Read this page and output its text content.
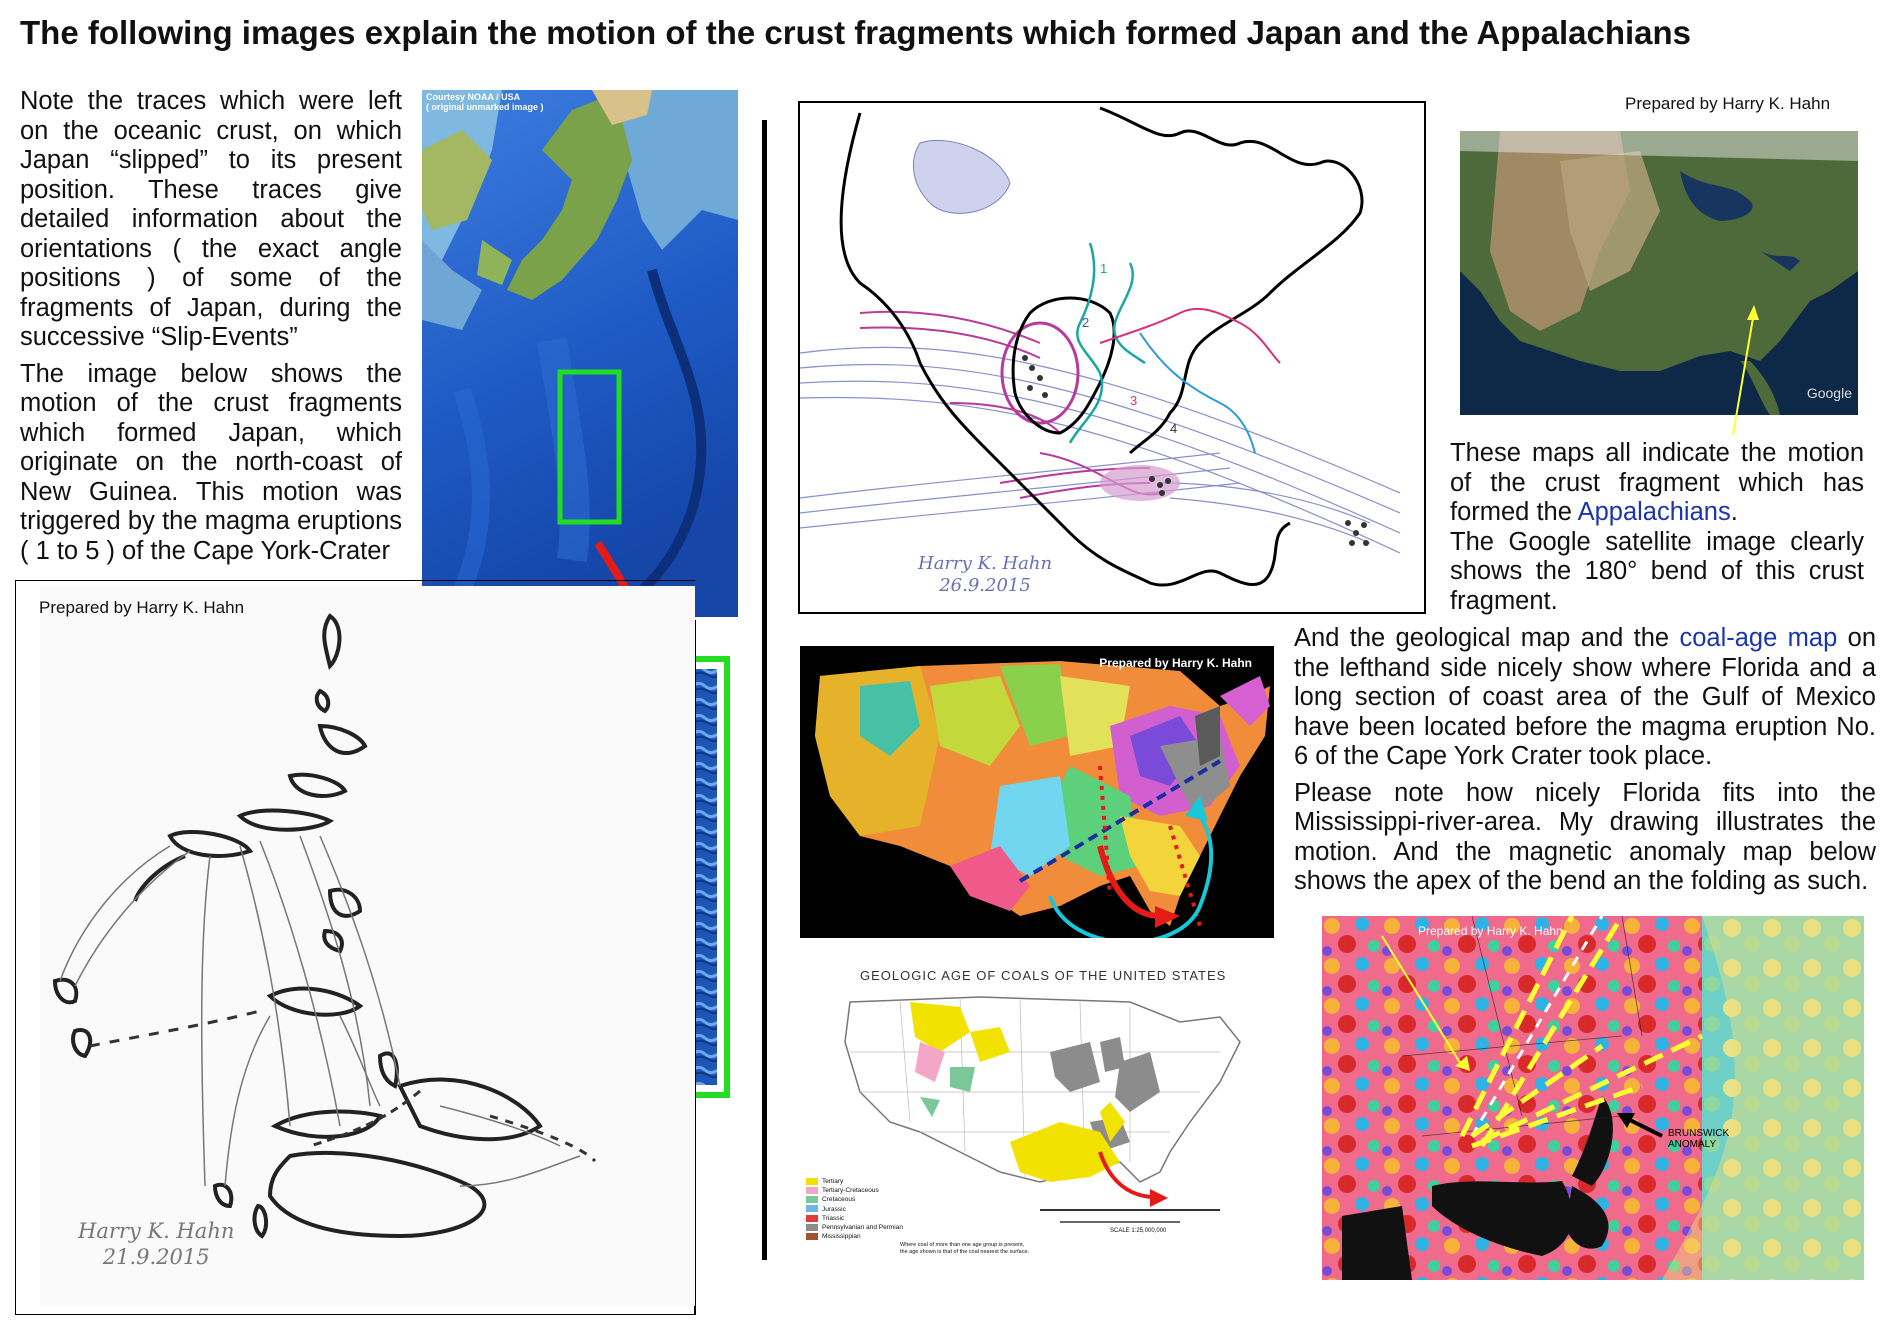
The following images explain the motion of the crust fragments which formed Japan and the Appalachians

Note the traces which were left on the oceanic crust, on which Japan “slipped” to its present position. These traces give detailed information about the orientations ( the exact angle positions ) of some of the fragments of Japan, during the successive “Slip-Events”

The image below shows the motion of the crust fragments which formed Japan, which originate on the north-coast of New Guinea. This motion was triggered by the magma eruptions ( 1 to 5 ) of the Cape York-Crater

Courtesy NOAA / USA
( original unmarked image )
Prepared by Harry K. Hahn
Harry K. Hahn
21.9.2015
1
2
3
4
Harry K. Hahn
26.9.2015
Prepared by Harry K. Hahn
Google

These maps all indicate the motion of the crust fragment which has formed the Appalachians.

The Google satellite image clearly shows the 180° bend of this crust fragment.

And the geological map and the coal-age map on the lefthand side nicely show where Florida and a long section of coast area of the Gulf of Mexico have been located before the magma eruption No. 6 of the Cape York Crater took place.

Please note how nicely Florida fits into the Mississippi-river-area. My drawing illustrates the motion. And the magnetic anomaly map below shows the apex of the bend an the folding as such.

Prepared by Harry K. Hahn
GEOLOGIC AGE OF COALS OF THE UNITED STATES
Tertiary
Tertiary-Cretaceous
Cretaceous
Jurassic
Triassic
Pennsylvanian and Permian
Mississippian
Where coal of more than one age group is present, the age shown is that of the coal nearest the surface.
SCALE 1:25,000,000
Prepared by Harry K. Hahn
BRUNSWICK
ANOMALY
